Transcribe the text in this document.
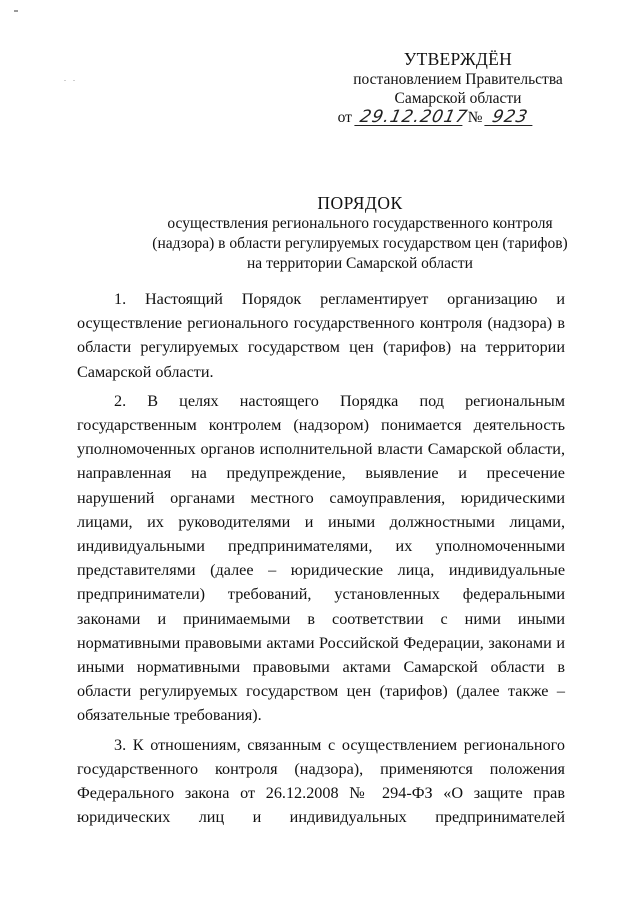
УТВЕРЖДЁН
постановлением Правительства
Самарской области
от 29.12.2017 № 923
ПОРЯДОК
осуществления регионального государственного контроля
(надзора) в области регулируемых государством цен (тарифов)
на территории Самарской области

1. Настоящий Порядок регламентирует организацию и осуществление регионального государственного контроля (надзора) в области регулируемых государством цен (тарифов) на территории Самарской области.

2. В целях настоящего Порядка под региональным государственным контролем (надзором) понимается деятельность уполномоченных органов исполнительной власти Самарской области, направленная на предупреждение, выявление и пресечение нарушений органами местного самоуправления, юридическими лицами, их руководителями и иными должностными лицами, индивидуальными предпринимателями, их уполномоченными представителями (далее – юридические лица, индивидуальные предприниматели) требований, установленных федеральными законами и принимаемыми в соответствии с ними иными нормативными правовыми актами Российской Федерации, законами и иными нормативными правовыми актами Самарской области в области регулируемых государством цен (тарифов) (далее также – обязательные требования).

3. К отношениям, связанным с осуществлением регионального государственного контроля (надзора), применяются положения Федерального закона от 26.12.2008 № 294-ФЗ «О защите прав юридических лиц и индивидуальных предпринимателей
